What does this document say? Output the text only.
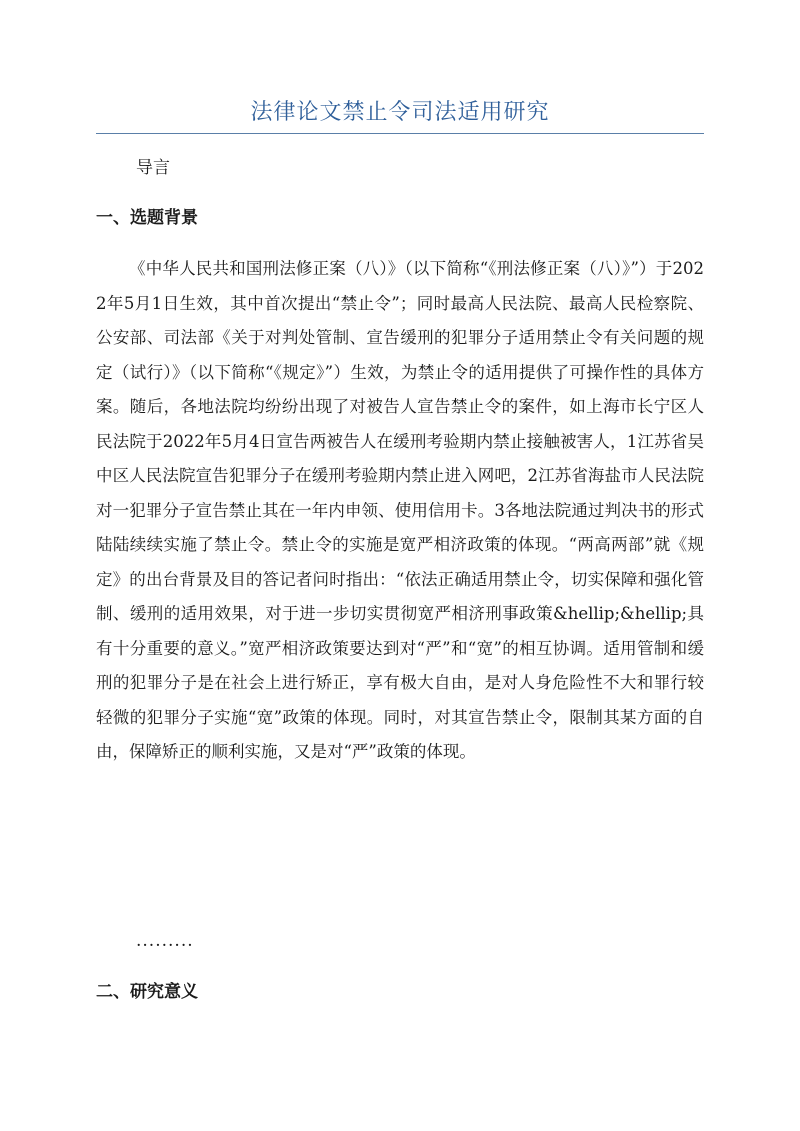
法律论文禁止令司法适用研究

导言

一、选题背景

《中华人民共和国刑法修正案（八）》（以下简称“《刑法修正案（八）》”）于2022年5月1日生效，其中首次提出“禁止令”；同时最高人民法院、最高人民检察院、公安部、司法部《关于对判处管制、宣告缓刑的犯罪分子适用禁止令有关问题的规定（试行）》（以下简称“《规定》”）生效，为禁止令的适用提供了可操作性的具体方案。随后，各地法院均纷纷出现了对被告人宣告禁止令的案件，如上海市长宁区人民法院于2022年5月4日宣告两被告人在缓刑考验期内禁止接触被害人，1江苏省吴中区人民法院宣告犯罪分子在缓刑考验期内禁止进入网吧，2江苏省海盐市人民法院对一犯罪分子宣告禁止其在一年内申领、使用信用卡。3各地法院通过判决书的形式陆陆续续实施了禁止令。禁止令的实施是宽严相济政策的体现。“两高两部”就《规定》的出台背景及目的答记者问时指出：“依法正确适用禁止令，切实保障和强化管制、缓刑的适用效果，对于进一步切实贯彻宽严相济刑事政策&hellip;&hellip;具有十分重要的意义。”宽严相济政策要达到对“严”和“宽”的相互协调。适用管制和缓刑的犯罪分子是在社会上进行矫正，享有极大自由，是对人身危险性不大和罪行较轻微的犯罪分子实施“宽”政策的体现。同时，对其宣告禁止令，限制其某方面的自由，保障矫正的顺利实施，又是对“严”政策的体现。

.........

二、研究意义
